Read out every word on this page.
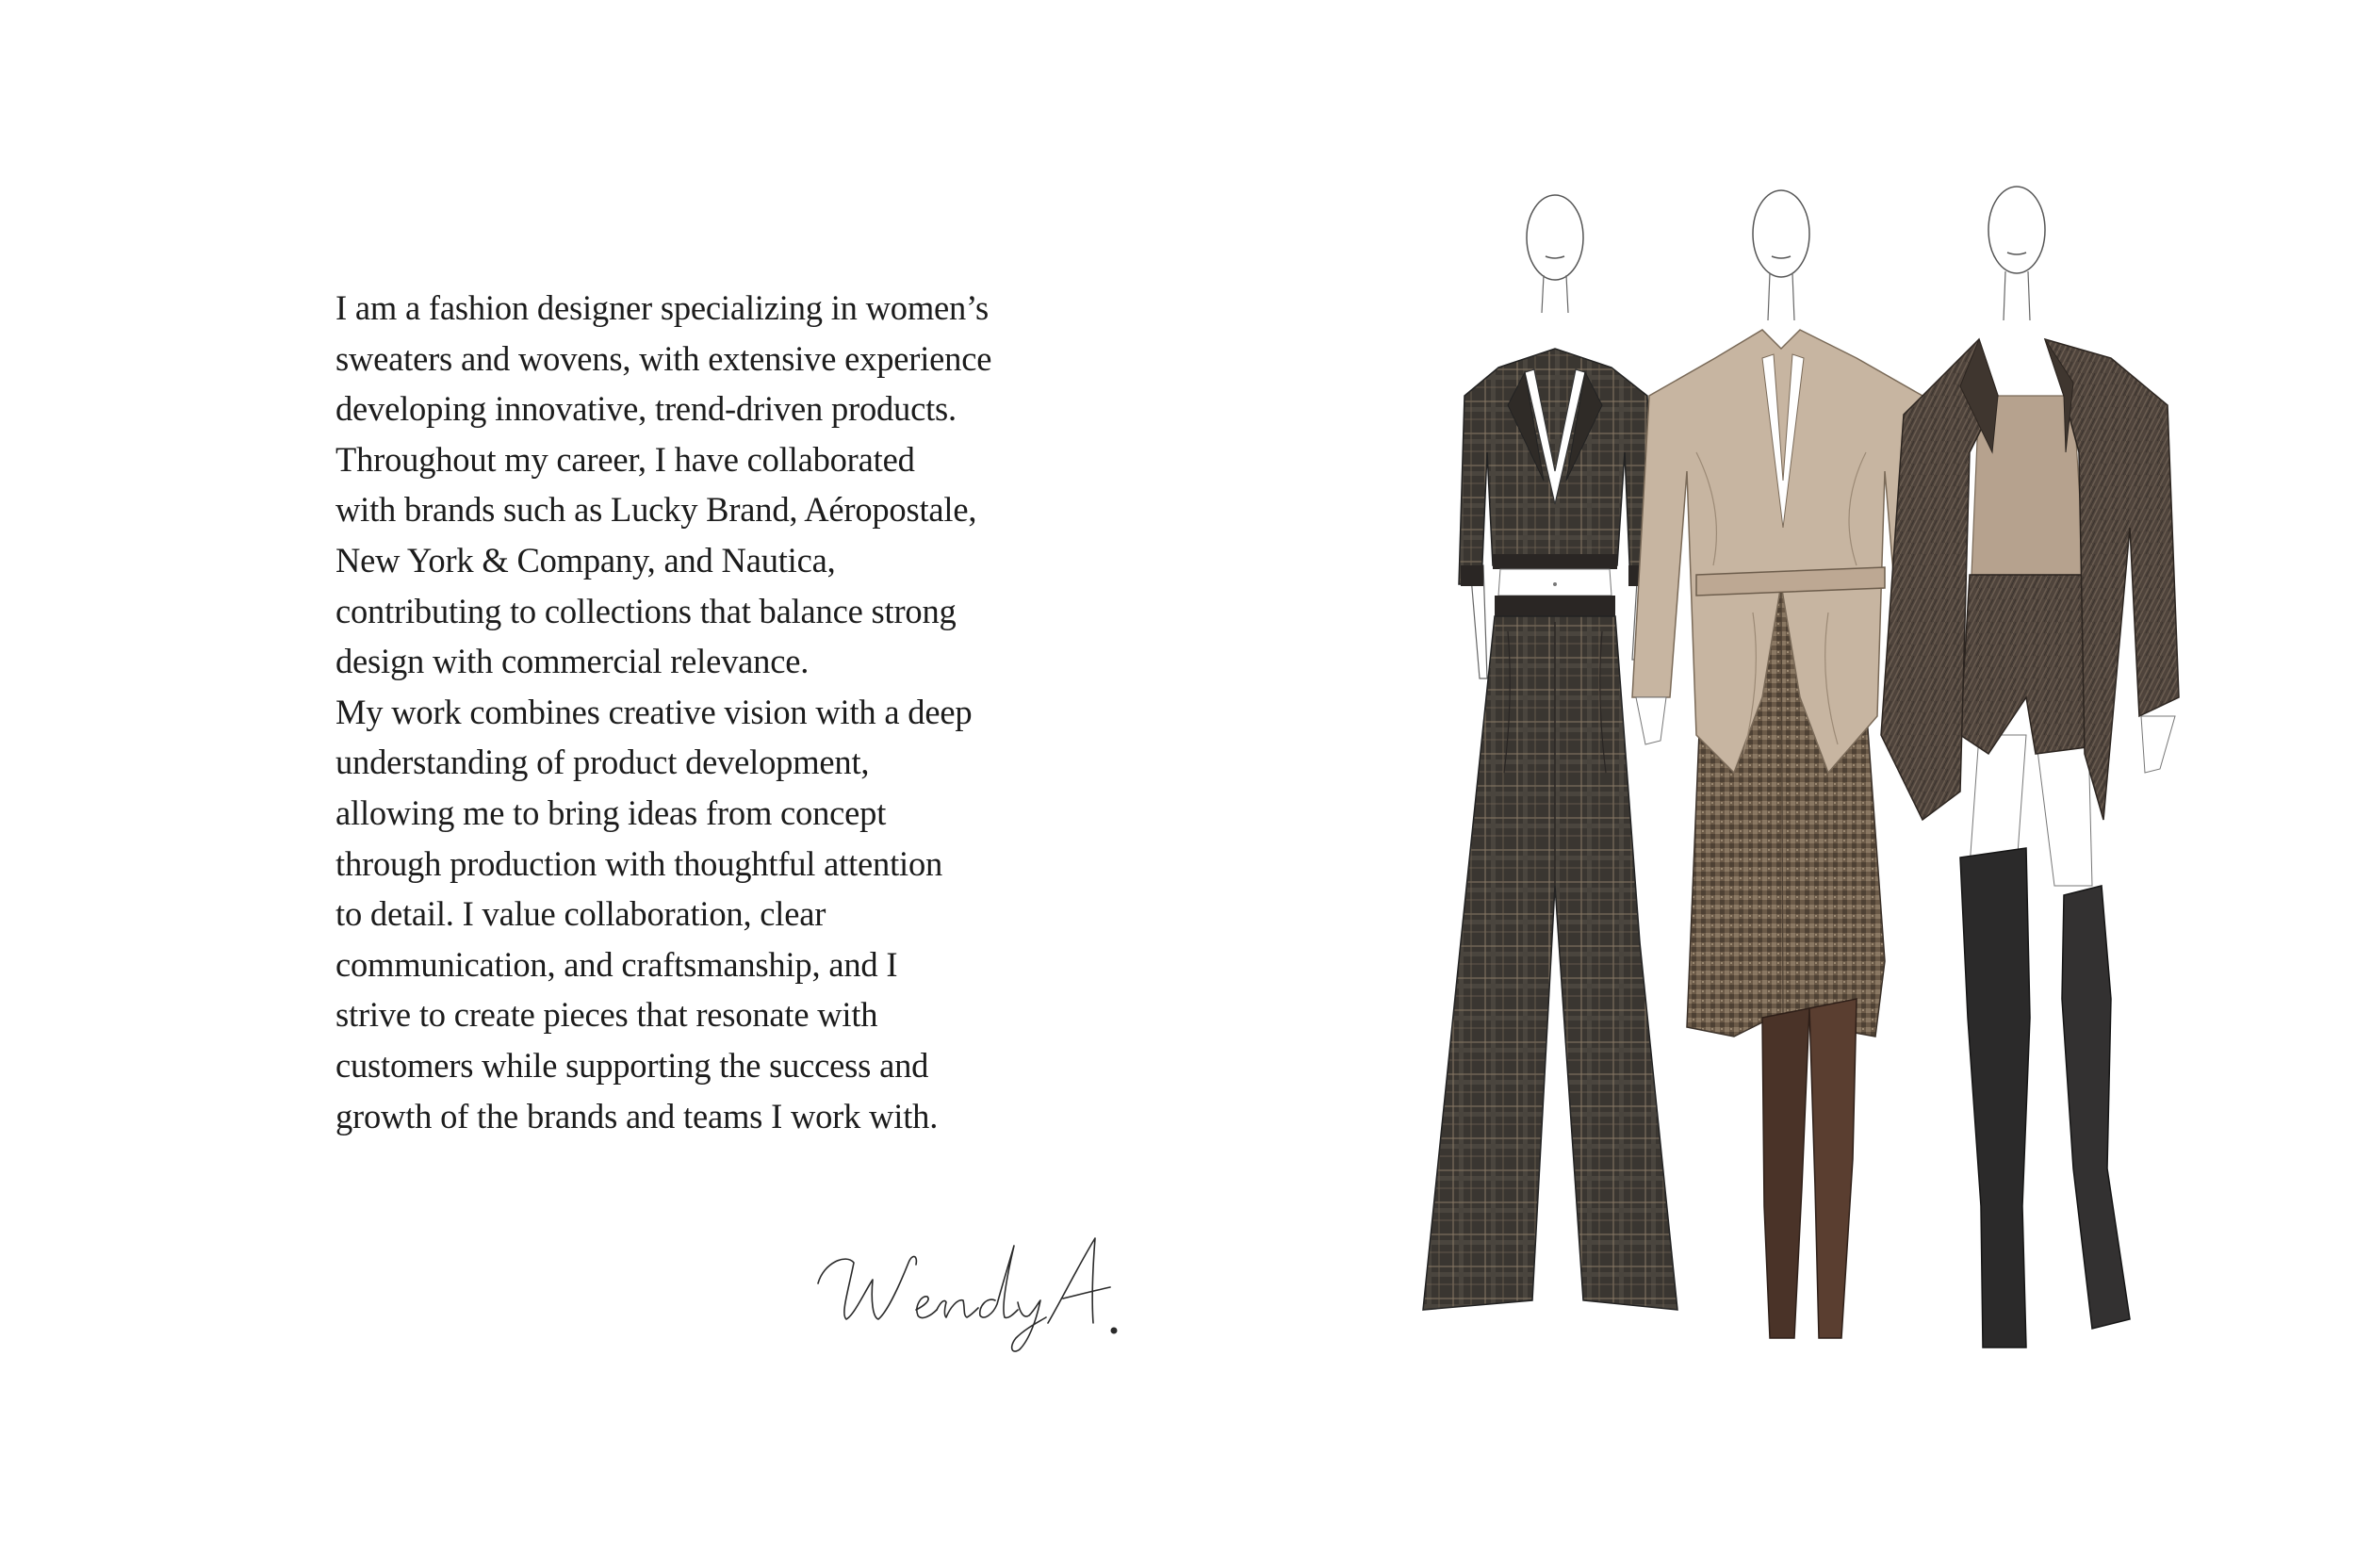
I am a fashion designer specializing in women’s
sweaters and wovens, with extensive experience
developing innovative, trend-driven products.
Throughout my career, I have collaborated
with brands such as Lucky Brand, Aéropostale,
New York & Company, and Nautica,
contributing to collections that balance strong
design with commercial relevance.
My work combines creative vision with a deep
understanding of product development,
allowing me to bring ideas from concept
through production with thoughtful attention
to detail. I value collaboration, clear
communication, and craftsmanship, and I
strive to create pieces that resonate with
customers while supporting the success and
growth of the brands and teams I work with.
